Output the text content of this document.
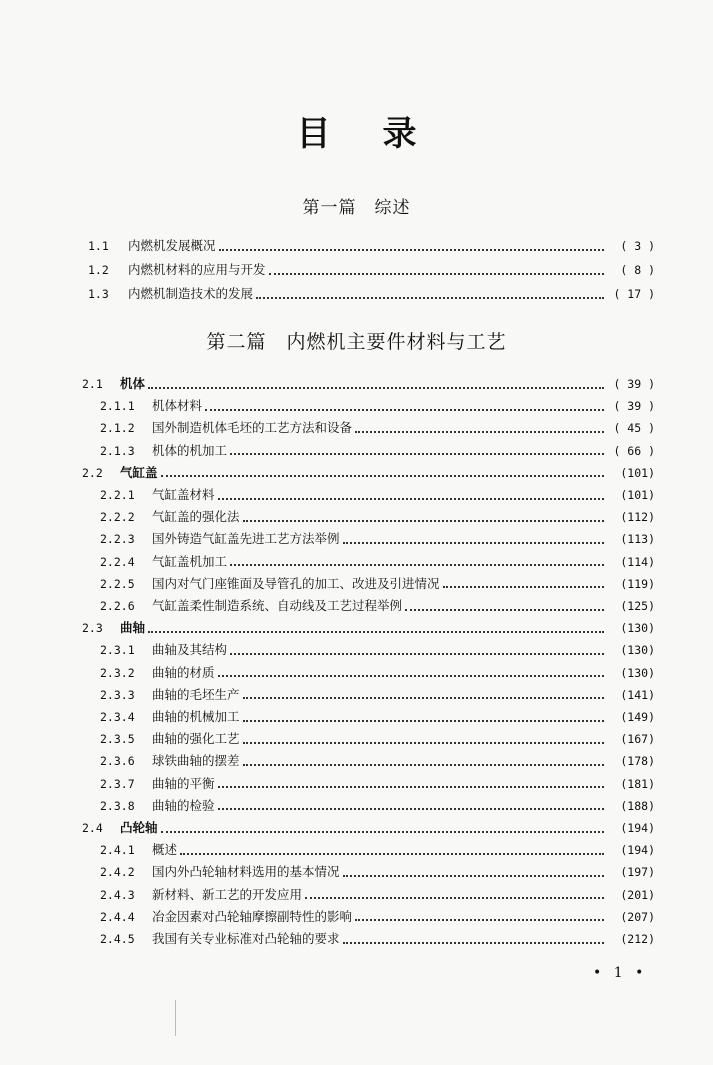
目录
第一篇　综述
1.1	内燃机发展概况	( 3 )
1.2	内燃机材料的应用与开发	( 8 )
1.3	内燃机制造技术的发展	( 17 )
第二篇　内燃机主要件材料与工艺
2.1	机体	( 39 )
2.1.1	机体材料	( 39 )
2.1.2	国外制造机体毛坯的工艺方法和设备	( 45 )
2.1.3	机体的机加工	( 66 )
2.2	气缸盖	(101)
2.2.1	气缸盖材料	(101)
2.2.2	气缸盖的强化法	(112)
2.2.3	国外铸造气缸盖先进工艺方法举例	(113)
2.2.4	气缸盖机加工	(114)
2.2.5	国内对气门座锥面及导管孔的加工、改进及引进情况	(119)
2.2.6	气缸盖柔性制造系统、自动线及工艺过程举例	(125)
2.3	曲轴	(130)
2.3.1	曲轴及其结构	(130)
2.3.2	曲轴的材质	(130)
2.3.3	曲轴的毛坯生产	(141)
2.3.4	曲轴的机械加工	(149)
2.3.5	曲轴的强化工艺	(167)
2.3.6	球铁曲轴的摆差	(178)
2.3.7	曲轴的平衡	(181)
2.3.8	曲轴的检验	(188)
2.4	凸轮轴	(194)
2.4.1	概述	(194)
2.4.2	国内外凸轮轴材料选用的基本情况	(197)
2.4.3	新材料、新工艺的开发应用	(201)
2.4.4	冶金因素对凸轮轴摩擦副特性的影响	(207)
2.4.5	我国有关专业标准对凸轮轴的要求	(212)
• 1 •
